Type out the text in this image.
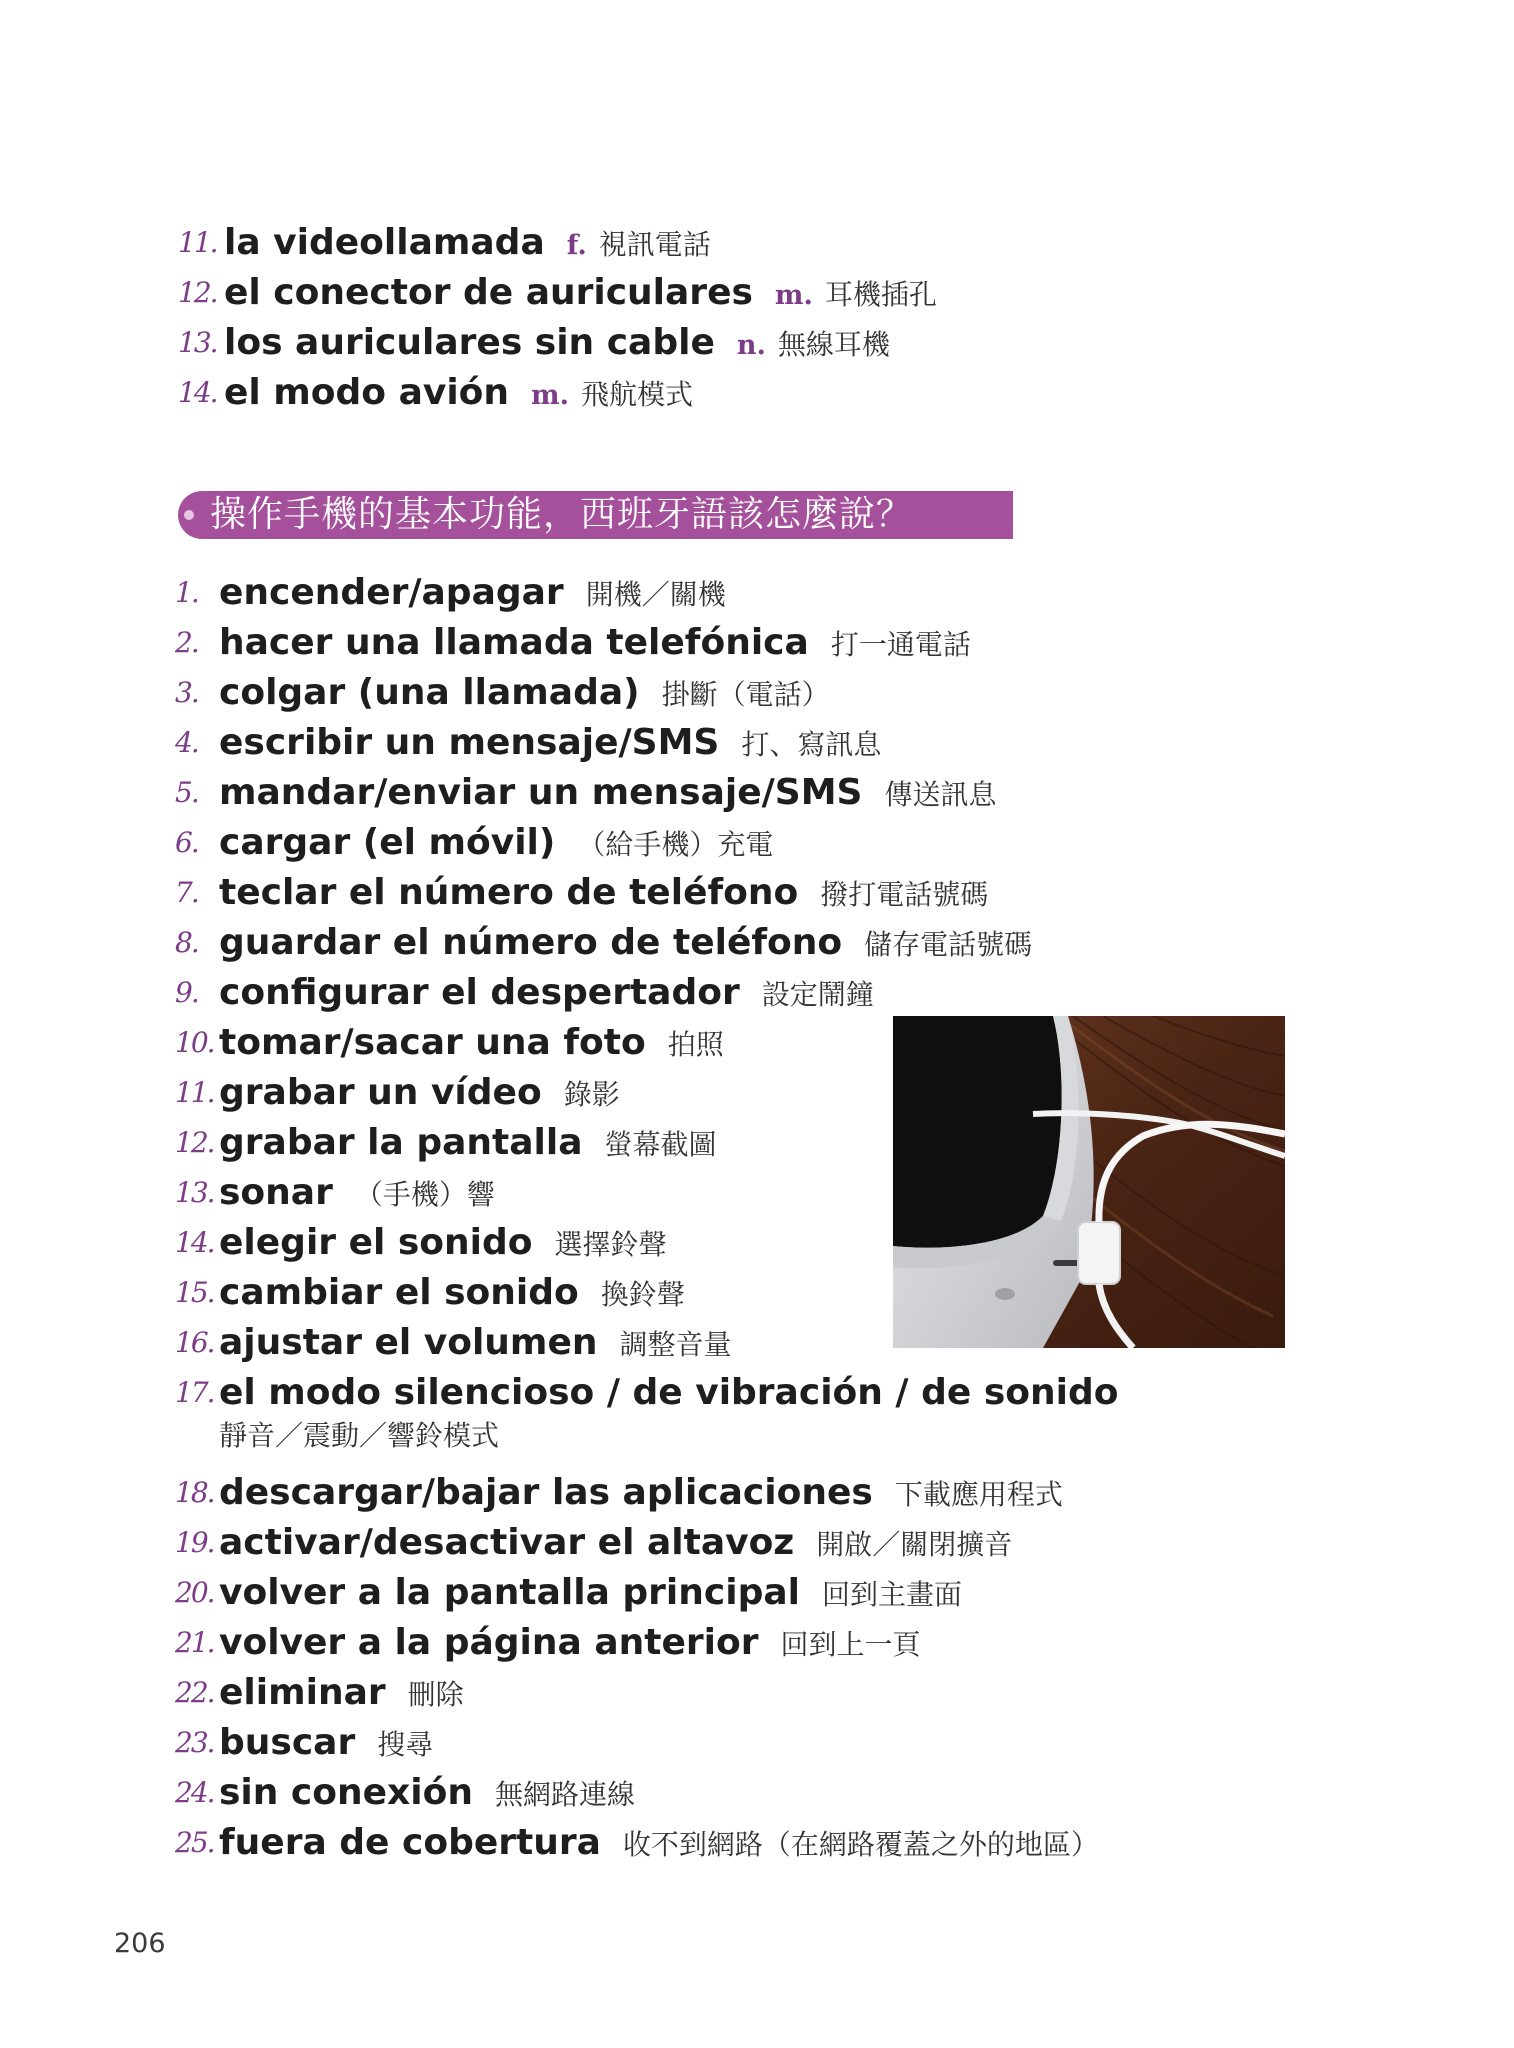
11. la videollamada f. 視訊電話
12. el conector de auriculares m. 耳機插孔
13. los auriculares sin cable n. 無線耳機
14. el modo avión m. 飛航模式
操作手機的基本功能，西班牙語該怎麼說？
1. encender/apagar 開機／關機
2. hacer una llamada telefónica 打一通電話
3. colgar (una llamada) 掛斷（電話）
4. escribir un mensaje/SMS 打、寫訊息
5. mandar/enviar un mensaje/SMS 傳送訊息
6. cargar (el móvil) （給手機）充電
7. teclar el número de teléfono 撥打電話號碼
8. guardar el número de teléfono 儲存電話號碼
9. configurar el despertador 設定鬧鐘
10. tomar/sacar una foto 拍照
11. grabar un vídeo 錄影
12. grabar la pantalla 螢幕截圖
13. sonar （手機）響
14. elegir el sonido 選擇鈴聲
15. cambiar el sonido 換鈴聲
16. ajustar el volumen 調整音量
17. el modo silencioso / de vibración / de sonido
靜音／震動／響鈴模式
18. descargar/bajar las aplicaciones 下載應用程式
19. activar/desactivar el altavoz 開啟／關閉擴音
20. volver a la pantalla principal 回到主畫面
21. volver a la página anterior 回到上一頁
22. eliminar 刪除
23. buscar 搜尋
24. sin conexión 無網路連線
25. fuera de cobertura 收不到網路（在網路覆蓋之外的地區）
206
